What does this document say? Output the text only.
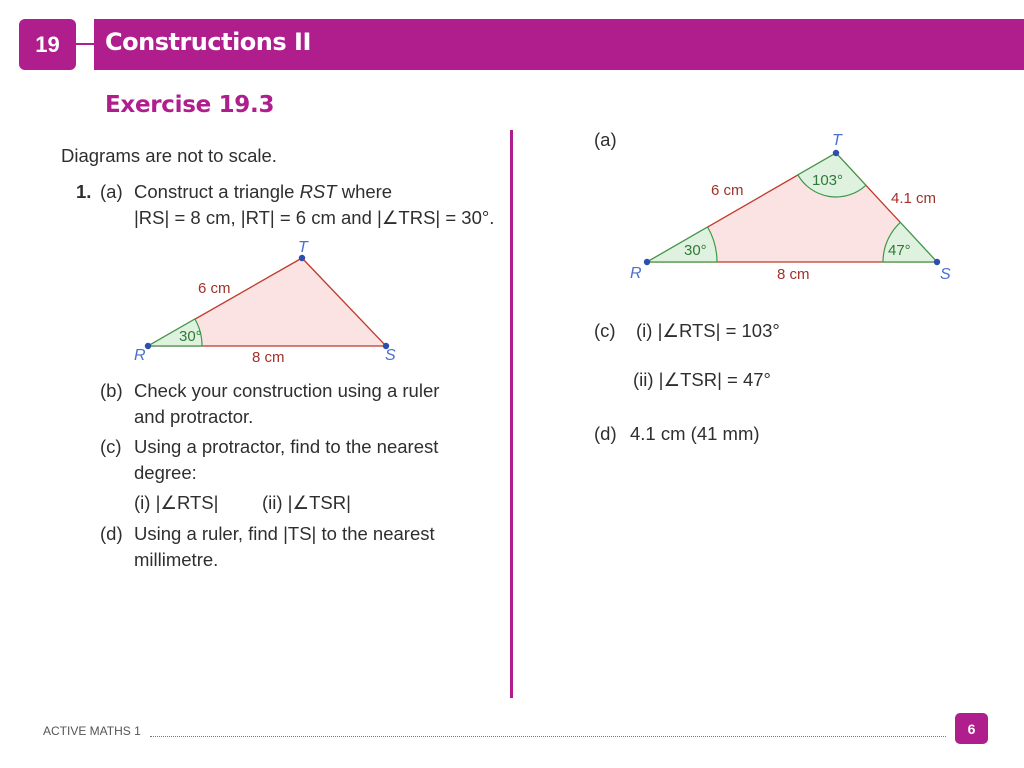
19	Constructions II
Exercise 19.3
Diagrams are not to scale.
1. (a) Construct a triangle RST where
|RS| = 8 cm, |RT| = 6 cm and |∠TRS| = 30°.
R
T
S
6 cm
8 cm
30°
(b) Check your construction using a ruler
and protractor.
(c) Using a protractor, find to the nearest
degree:
(i) |∠RTS| (ii) |∠TSR|
(d) Using a ruler, find |TS| to the nearest
millimetre.
(a)
R
T
S
6 cm
8 cm
4.1 cm
30°
103°
47°
(c) (i) |∠RTS| = 103°
(ii) |∠TSR| = 47°
(d) 4.1 cm (41 mm)
ACTIVE MATHS 1	6
